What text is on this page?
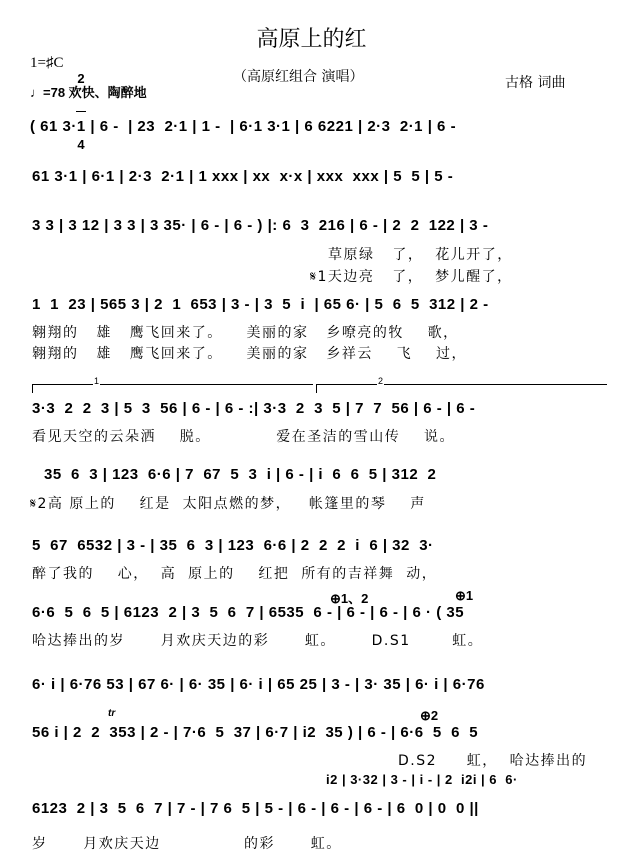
高原上的红
1=♯C

2

4

♩=78 欢快、陶醉地
（高原红组合 演唱）	古格 词曲
( 61 3·1 | 6 -  | 23  2·1 | 1 -  | 6·1 3·1 | 6 6221 | 2·3  2·1 | 6 -
61 3·1 | 6·1 | 2·3  2·1 | 1 xxx | xx  x·x | xxx  xxx | 5  5 | 5 -
3 3 | 3 12 | 3 3 | 3 35· | 6 - | 6 - ) |: 6  3  216 | 6 - | 2  2  122 | 3 -
草原绿   了，  花儿开了，
𝄋1天边亮   了，  梦儿醒了，
1  1  23 | 565 3 | 2  1  653 | 3 - | 3  5  i  | 65 6· | 5  6  5  312 | 2 -
翱翔的   雄   鹰飞回来了。    美丽的家   乡嘹亮的牧    歌，
翱翔的   雄   鹰飞回来了。    美丽的家   乡祥云    飞    过，
1	2
3·3  2  2  3 | 5  3  56 | 6 - | 6 - :| 3·3  2  3  5 | 7  7  56 | 6 - | 6 -
看见天空的云朵洒    脱。           爱在圣洁的雪山传    说。
35  6  3 | 123  6·6 | 7  67  5  3  i | 6 - | i  6  6  5 | 312  2
𝄋2高 原上的    红是  太阳点燃的梦，   帐篷里的琴    声
5  67  6532 | 3 - | 35  6  3 | 123  6·6 | 2  2  2  i  6 | 32  3·
醉了我的    心，  高  原上的    红把  所有的吉祥舞  动，
⊕1、2	⊕1
6·6  5  6  5 | 6123  2 | 3  5  6  7 | 6535  6 - | 6 - | 6 - | 6 · ( 35
哈达捧出的岁      月欢庆天边的彩      虹。      D.S1       虹。
6· i | 6·76 53 | 67 6· | 6· 35 | 6· i | 65 25 | 3 - | 3· 35 | 6· i | 6·76
tr	⊕2
56 i | 2  2  353 | 2 - | 7·6  5  37 | 6·7 | i2  35 ) | 6 - | 6·6  5  6  5
D.S2     虹，  哈达捧出的
i2 | 3·32 | 3 - | i - | 2  i2i | 6  6·
6123  2 | 3  5  6  7 | 7 - | 7 6  5 | 5 - | 6 - | 6 - | 6 - | 6  0 | 0  0 ||
岁      月欢庆天边              的彩      虹。
